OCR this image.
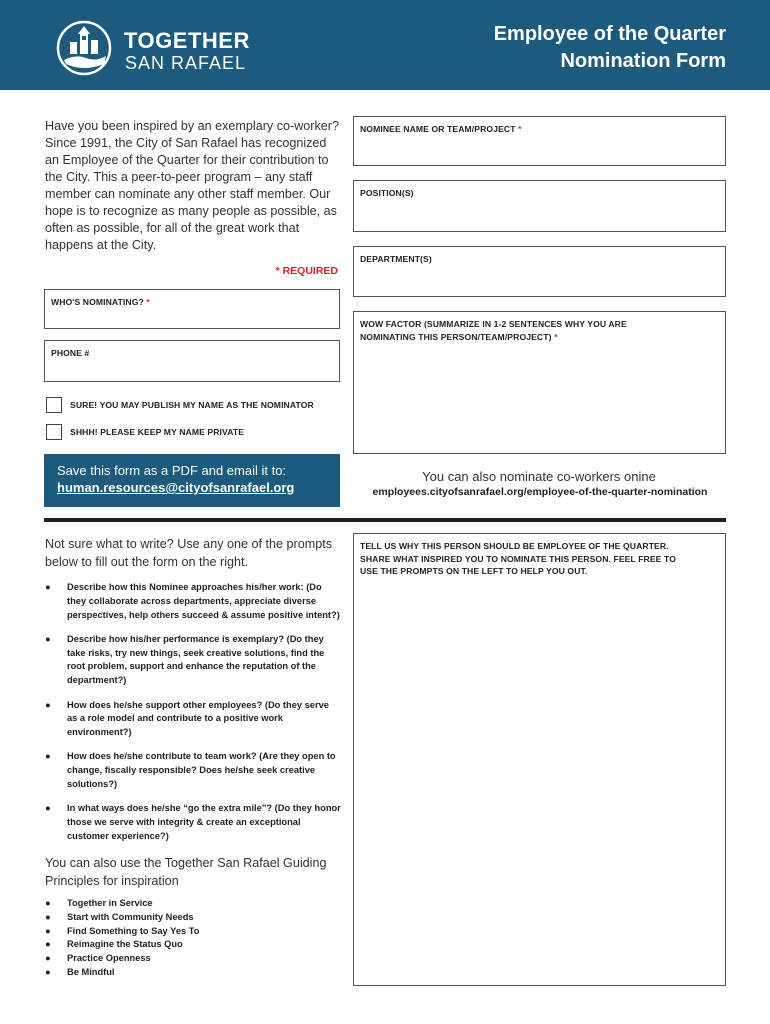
TOGETHER
SAN RAFAEL
Employee of the Quarter
Nomination Form

Have you been inspired by an exemplary co-worker? Since 1991, the City of San Rafael has recognized an Employee of the Quarter for their contribution to the City. This a peer-to-peer program – any staff member can nominate any other staff member. Our hope is to recognize as many people as possible, as often as possible, for all of the great work that happens at the City.

* REQUIRED
NOMINEE NAME OR TEAM/PROJECT *
POSITION(S)
DEPARTMENT(S)
WHO'S NOMINATING? *
PHONE #
WOW FACTOR (SUMMARIZE IN 1-2 SENTENCES WHY YOU ARE
NOMINATING THIS PERSON/TEAM/PROJECT) *
SURE! YOU MAY PUBLISH MY NAME AS THE NOMINATOR
SHHH! PLEASE KEEP MY NAME PRIVATE
Save this form as a PDF and email it to:
human.resources@cityofsanrafael.org
You can also nominate co-workers onine
employees.cityofsanrafael.org/employee-of-the-quarter-nomination

Not sure what to write? Use any one of the prompts below to fill out the form on the right.

● Describe how this Nominee approaches his/her work: (Do they collaborate across departments, appreciate diverse perspectives, help others succeed & assume positive intent?)
● Describe how his/her performance is exemplary? (Do they take risks, try new things, seek creative solutions, find the root problem, support and enhance the reputation of the department?)
● How does he/she support other employees? (Do they serve as a role model and contribute to a positive work environment?)
● How does he/she contribute to team work? (Are they open to change, fiscally responsible? Does he/she seek creative solutions?)
● In what ways does he/she “go the extra mile”? (Do they honor those we serve with integrity & create an exceptional customer experience?)
TELL US WHY THIS PERSON SHOULD BE EMPLOYEE OF THE QUARTER.
SHARE WHAT INSPIRED YOU TO NOMINATE THIS PERSON. FEEL FREE TO
USE THE PROMPTS ON THE LEFT TO HELP YOU OUT.

You can also use the Together San Rafael Guiding Principles for inspiration

● Together in Service
● Start with Community Needs
● Find Something to Say Yes To
● Reimagine the Status Quo
● Practice Openness
● Be Mindful
